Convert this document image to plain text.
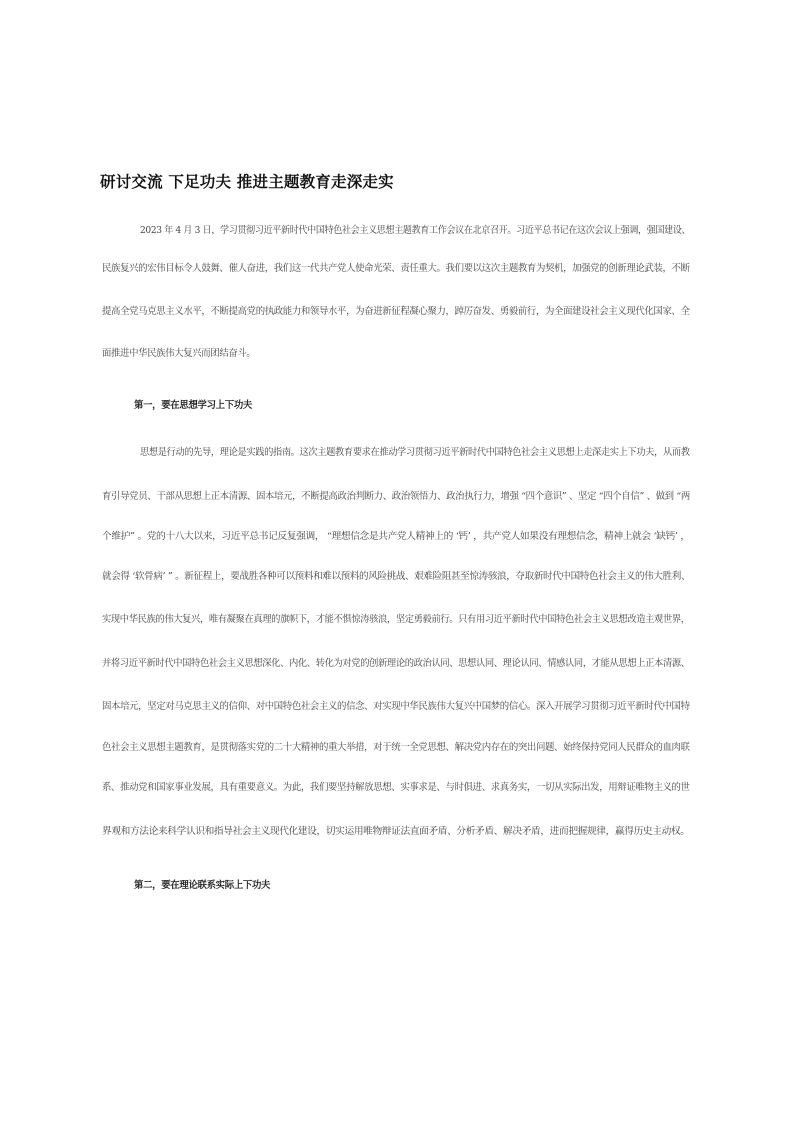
研讨交流 下足功夫 推进主题教育走深走实
2023 年 4 月 3 日，学习贯彻习近平新时代中国特色社会主义思想主题教育工作会议在北京召开。习近平总书记在这次会议上强调，强国建设、
民族复兴的宏伟目标令人鼓舞、催人奋进，我们这一代共产党人使命光荣、责任重大。我们要以这次主题教育为契机，加强党的创新理论武装，不断
提高全党马克思主义水平，不断提高党的执政能力和领导水平，为奋进新征程凝心聚力，踔厉奋发、勇毅前行，为全面建设社会主义现代化国家、全
面推进中华民族伟大复兴而团结奋斗。
第一，要在思想学习上下功夫
思想是行动的先导，理论是实践的指南。这次主题教育要求在推动学习贯彻习近平新时代中国特色社会主义思想上走深走实上下功夫，从而教
育引导党员、干部从思想上正本清源、固本培元，不断提高政治判断力、政治领悟力、政治执行力，增强 “四个意识” 、坚定 “四个自信” 、做到 “两
个维护” 。党的十八大以来，习近平总书记反复强调， “理想信念是共产党人精神上的 ‘钙’ ，共产党人如果没有理想信念，精神上就会 ‘缺钙’ ，
就会得 ‘软骨病’ ” 。新征程上，要战胜各种可以预料和难以预料的风险挑战、艰难险阻甚至惊涛骇浪，夺取新时代中国特色社会主义的伟大胜利、
实现中华民族的伟大复兴，唯有凝聚在真理的旗帜下，才能不惧惊涛骇浪，坚定勇毅前行。只有用习近平新时代中国特色社会主义思想改造主观世界，
并将习近平新时代中国特色社会主义思想深化、内化、转化为对党的创新理论的政治认同、思想认同、理论认同、情感认同，才能从思想上正本清源、
固本培元，坚定对马克思主义的信仰、对中国特色社会主义的信念、对实现中华民族伟大复兴中国梦的信心。深入开展学习贯彻习近平新时代中国特
色社会主义思想主题教育，是贯彻落实党的二十大精神的重大举措，对于统一全党思想、解决党内存在的突出问题、始终保持党同人民群众的血肉联
系、推动党和国家事业发展，具有重要意义。为此，我们要坚持解放思想、实事求是、与时俱进、求真务实，一切从实际出发，用辩证唯物主义的世
界观和方法论来科学认识和指导社会主义现代化建设，切实运用唯物辩证法直面矛盾、分析矛盾、解决矛盾，进而把握规律，赢得历史主动权。
第二，要在理论联系实际上下功夫
